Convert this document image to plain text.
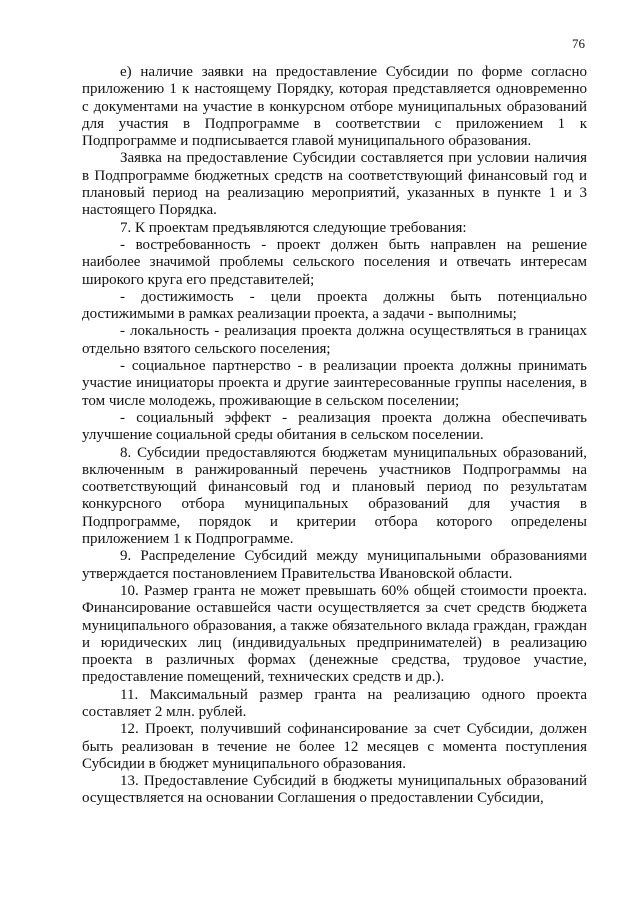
76

е) наличие заявки на предоставление Субсидии по форме согласно приложению 1 к настоящему Порядку, которая представляется одновременно с документами на участие в конкурсном отборе муниципальных образований для участия в Подпрограмме в соответствии с приложением 1 к Подпрограмме и подписывается главой муниципального образования.

Заявка на предоставление Субсидии составляется при условии наличия в Подпрограмме бюджетных средств на соответствующий финансовый год и плановый период на реализацию мероприятий, указанных в пункте 1 и 3 настоящего Порядка.

7. К проектам предъявляются следующие требования:

- востребованность - проект должен быть направлен на решение наиболее значимой проблемы сельского поселения и отвечать интересам широкого круга его представителей;

- достижимость - цели проекта должны быть потенциально достижимыми в рамках реализации проекта, а задачи - выполнимы;

- локальность - реализация проекта должна осуществляться в границах отдельно взятого сельского поселения;

- социальное партнерство - в реализации проекта должны принимать участие инициаторы проекта и другие заинтересованные группы населения, в том числе молодежь, проживающие в сельском поселении;

- социальный эффект - реализация проекта должна обеспечивать улучшение социальной среды обитания в сельском поселении.

8. Субсидии предоставляются бюджетам муниципальных образований, включенным в ранжированный перечень участников Подпрограммы на соответствующий финансовый год и плановый период по результатам конкурсного отбора муниципальных образований для участия в Подпрограмме, порядок и критерии отбора которого определены приложением 1 к Подпрограмме.

9. Распределение Субсидий между муниципальными образованиями утверждается постановлением Правительства Ивановской области.

10. Размер гранта не может превышать 60% общей стоимости проекта. Финансирование оставшейся части осуществляется за счет средств бюджета муниципального образования, а также обязательного вклада граждан, граждан и юридических лиц (индивидуальных предпринимателей) в реализацию проекта в различных формах (денежные средства, трудовое участие, предоставление помещений, технических средств и др.).

11. Максимальный размер гранта на реализацию одного проекта составляет 2 млн. рублей.

12. Проект, получивший софинансирование за счет Субсидии, должен быть реализован в течение не более 12 месяцев с момента поступления Субсидии в бюджет муниципального образования.

13. Предоставление Субсидий в бюджеты муниципальных образований осуществляется на основании Соглашения о предоставлении Субсидии,
